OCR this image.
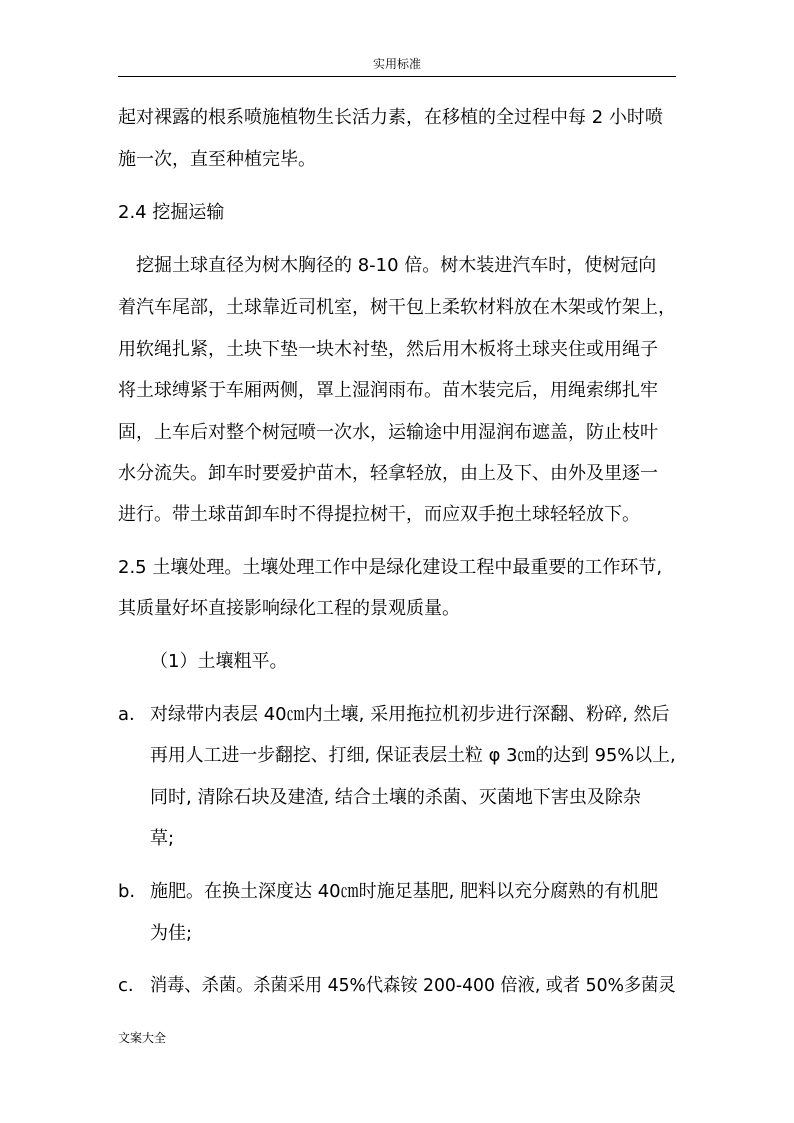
实用标准
起对裸露的根系喷施植物生长活力素，在移植的全过程中每 2 小时喷
施一次，直至种植完毕。
2.4 挖掘运输
挖掘土球直径为树木胸径的 8-10 倍。树木装进汽车时，使树冠向
着汽车尾部，土球靠近司机室，树干包上柔软材料放在木架或竹架上，
用软绳扎紧，土块下垫一块木衬垫，然后用木板将土球夹住或用绳子
将土球缚紧于车厢两侧，罩上湿润雨布。苗木装完后，用绳索绑扎牢
固，上车后对整个树冠喷一次水，运输途中用湿润布遮盖，防止枝叶
水分流失。卸车时要爱护苗木，轻拿轻放，由上及下、由外及里逐一
进行。带土球苗卸车时不得提拉树干，而应双手抱土球轻轻放下。
2.5 土壤处理。土壤处理工作中是绿化建设工程中最重要的工作环节,
其质量好坏直接影响绿化工程的景观质量。
（1）土壤粗平。
a. 对绿带内表层 40㎝内土壤, 采用拖拉机初步进行深翻、粉碎, 然后
再用人工进一步翻挖、打细, 保证表层土粒 φ 3㎝的达到 95%以上,
同时, 清除石块及建渣, 结合土壤的杀菌、灭菌地下害虫及除杂
草;
b. 施肥。在换土深度达 40㎝时施足基肥, 肥料以充分腐熟的有机肥
为佳;
c. 消毒、杀菌。杀菌采用 45%代森铵 200-400 倍液, 或者 50%多菌灵
文案大全
